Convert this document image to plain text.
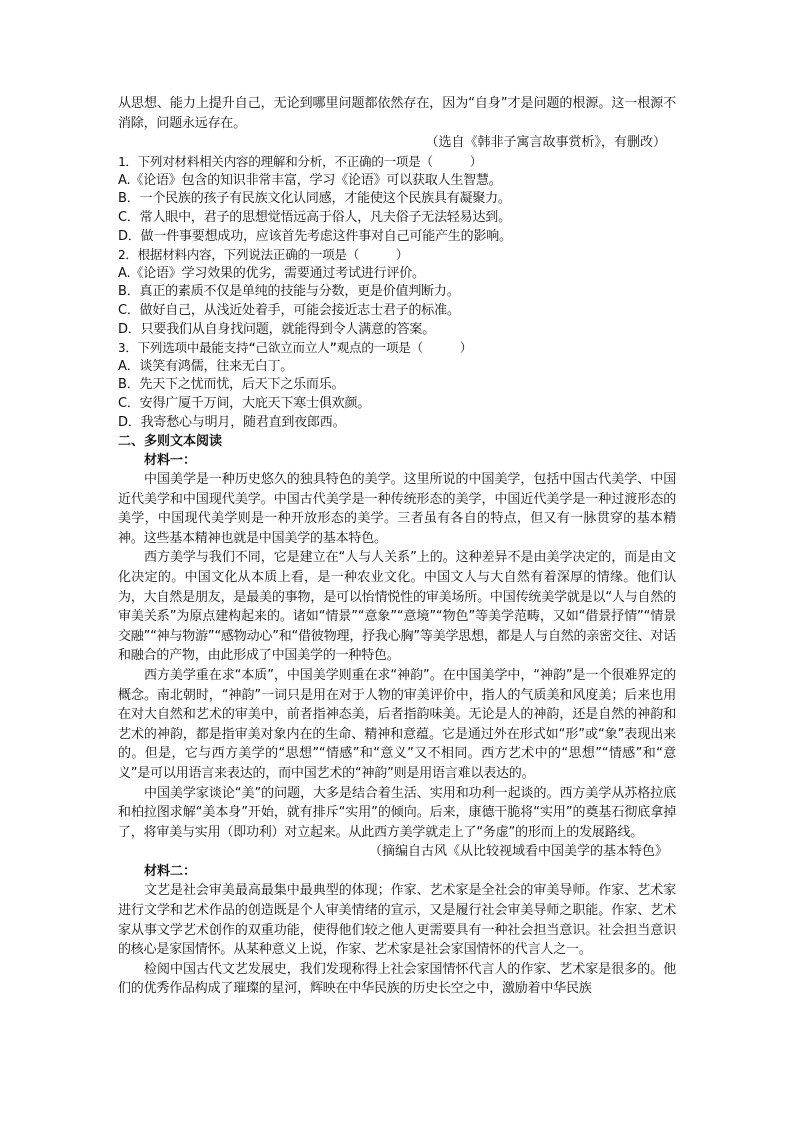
从思想、能力上提升自己，无论到哪里问题都依然存在，因为“自身”才是问题的根源。这一根源不消除，问题永远存在。

（选自《韩非子寓言故事赏析》，有删改）

1．下列对材料相关内容的理解和分析，不正确的一项是（　　　）

A.《论语》包含的知识非常丰富，学习《论语》可以获取人生智慧。

B．一个民族的孩子有民族文化认同感，才能使这个民族具有凝聚力。

C．常人眼中，君子的思想觉悟远高于俗人，凡夫俗子无法轻易达到。

D．做一件事要想成功，应该首先考虑这件事对自己可能产生的影响。

2．根据材料内容，下列说法正确的一项是（　　　）

A.《论语》学习效果的优劣，需要通过考试进行评价。

B．真正的素质不仅是单纯的技能与分数，更是价值判断力。

C．做好自己，从浅近处着手，可能会接近志士君子的标准。

D．只要我们从自身找问题，就能得到令人满意的答案。

3．下列选项中最能支持“己欲立而立人”观点的一项是（　　　）

A．谈笑有鸿儒，往来无白丁。

B．先天下之忧而忧，后天下之乐而乐。

C．安得广厦千万间，大庇天下寒士俱欢颜。

D．我寄愁心与明月，随君直到夜郎西。

二、多则文本阅读

材料一：

中国美学是一种历史悠久的独具特色的美学。这里所说的中国美学，包括中国古代美学、中国近代美学和中国现代美学。中国古代美学是一种传统形态的美学，中国近代美学是一种过渡形态的美学，中国现代美学则是一种开放形态的美学。三者虽有各自的特点，但又有一脉贯穿的基本精神。这些基本精神也就是中国美学的基本特色。

西方美学与我们不同，它是建立在“人与人关系”上的。这种差异不是由美学决定的，而是由文化决定的。中国文化从本质上看，是一种农业文化。中国文人与大自然有着深厚的情缘。他们认为，大自然是朋友，是最美的事物，是可以怡情悦性的审美场所。中国传统美学就是以“人与自然的审美关系”为原点建构起来的。诸如“情景”“意象”“意境”“物色”等美学范畴，又如“借景抒情”“情景交融”“神与物游”“感物动心”和“借彼物理，抒我心胸”等美学思想，都是人与自然的亲密交往、对话和融合的产物，由此形成了中国美学的一种特色。

西方美学重在求“本质”，中国美学则重在求“神韵”。在中国美学中，“神韵”是一个很难界定的概念。南北朝时，“神韵”一词只是用在对于人物的审美评价中，指人的气质美和风度美；后来也用在对大自然和艺术的审美中，前者指神态美，后者指韵味美。无论是人的神韵，还是自然的神韵和艺术的神韵，都是指审美对象内在的生命、精神和意蕴。它是通过外在形式如“形”或“象”表现出来的。但是，它与西方美学的“思想”“情感”和“意义”又不相同。西方艺术中的“思想”“情感”和“意义”是可以用语言来表达的，而中国艺术的“神韵”则是用语言难以表达的。

中国美学家谈论“美”的问题，大多是结合着生活、实用和功利一起谈的。西方美学从苏格拉底和柏拉图求解“美本身”开始，就有排斥“实用”的倾向。后来，康德干脆将“实用”的奠基石彻底拿掉了，将审美与实用（即功利）对立起来。从此西方美学就走上了“务虚”的形而上的发展路线。

（摘编自古风《从比较视域看中国美学的基本特色》

材料二：

文艺是社会审美最高最集中最典型的体现；作家、艺术家是全社会的审美导师。作家、艺术家进行文学和艺术作品的创造既是个人审美情绪的宣示，又是履行社会审美导师之职能。作家、艺术家从事文学艺术创作的双重功能，使得他们较之他人更需要具有一种社会担当意识。社会担当意识的核心是家国情怀。从某种意义上说，作家、艺术家是社会家国情怀的代言人之一。

检阅中国古代文艺发展史，我们发现称得上社会家国情怀代言人的作家、艺术家是很多的。他们的优秀作品构成了璀璨的星河，辉映在中华民族的历史长空之中，激励着中华民族
